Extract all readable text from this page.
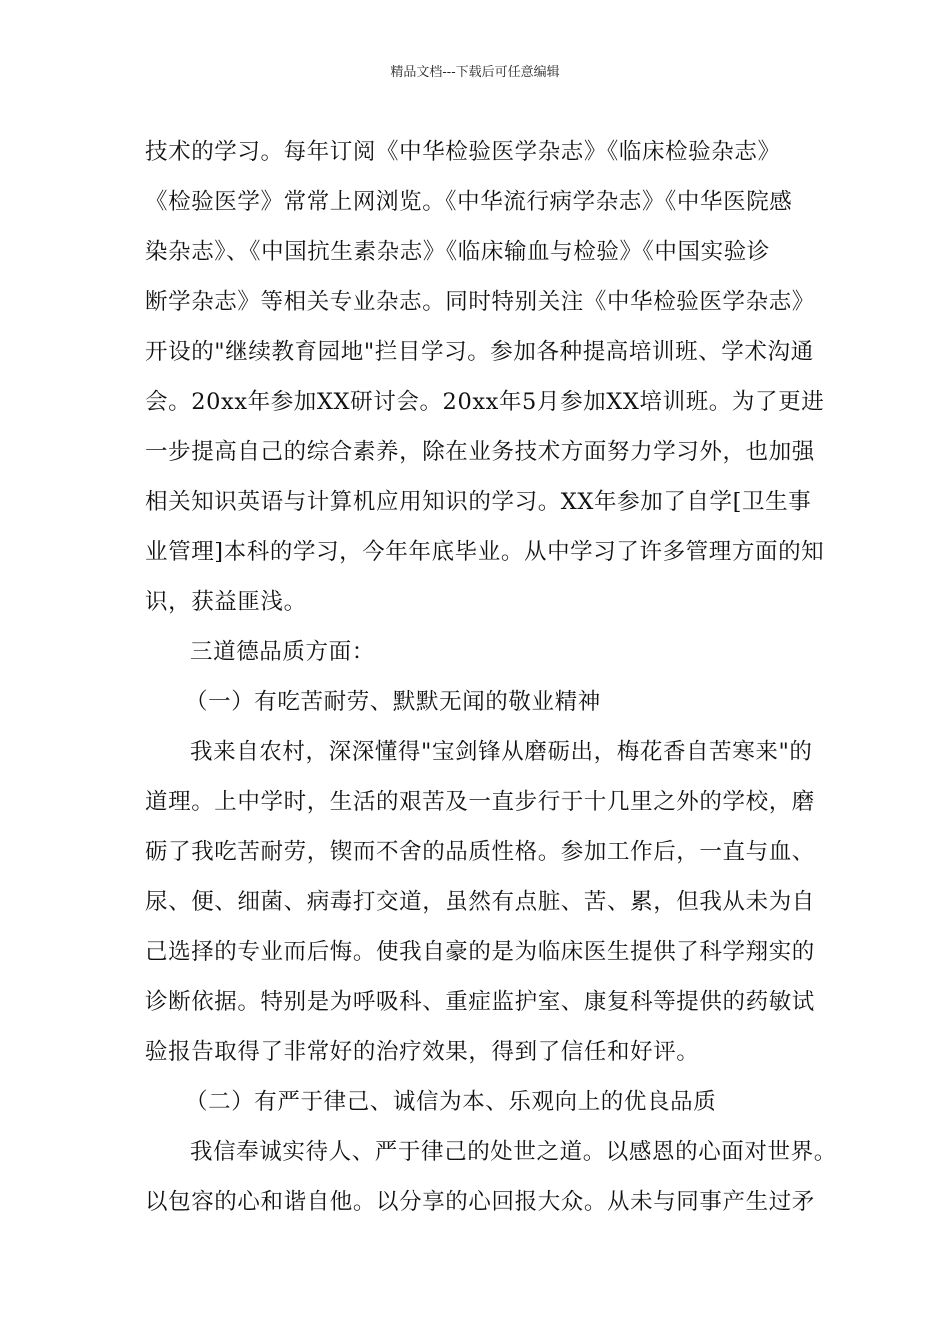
精品文档---下载后可任意编辑
技术的学习。每年订阅《中华检验医学杂志》《临床检验杂志》
《检验医学》常常上网浏览。《中华流行病学杂志》《中华医院感
染杂志》、《中国抗生素杂志》《临床输血与检验》《中国实验诊
断学杂志》等相关专业杂志。同时特别关注《中华检验医学杂志》
开设的"继续教育园地"拦目学习。参加各种提高培训班、学术沟通
会。20xx年参加XX研讨会。20xx年5月参加XX培训班。为了更进
一步提高自己的综合素养，除在业务技术方面努力学习外，也加强
相关知识英语与计算机应用知识的学习。XX年参加了自学[卫生事
业管理]本科的学习，今年年底毕业。从中学习了许多管理方面的知
识，获益匪浅。
三道德品质方面：
（一）有吃苦耐劳、默默无闻的敬业精神
我来自农村，深深懂得"宝剑锋从磨砺出，梅花香自苦寒来"的
道理。上中学时，生活的艰苦及一直步行于十几里之外的学校，磨
砺了我吃苦耐劳，锲而不舍的品质性格。参加工作后，一直与血、
尿、便、细菌、病毒打交道，虽然有点脏、苦、累，但我从未为自
己选择的专业而后悔。使我自豪的是为临床医生提供了科学翔实的
诊断依据。特别是为呼吸科、重症监护室、康复科等提供的药敏试
验报告取得了非常好的治疗效果，得到了信任和好评。
（二）有严于律己、诚信为本、乐观向上的优良品质
我信奉诚实待人、严于律己的处世之道。以感恩的心面对世界。
以包容的心和谐自他。以分享的心回报大众。从未与同事产生过矛
